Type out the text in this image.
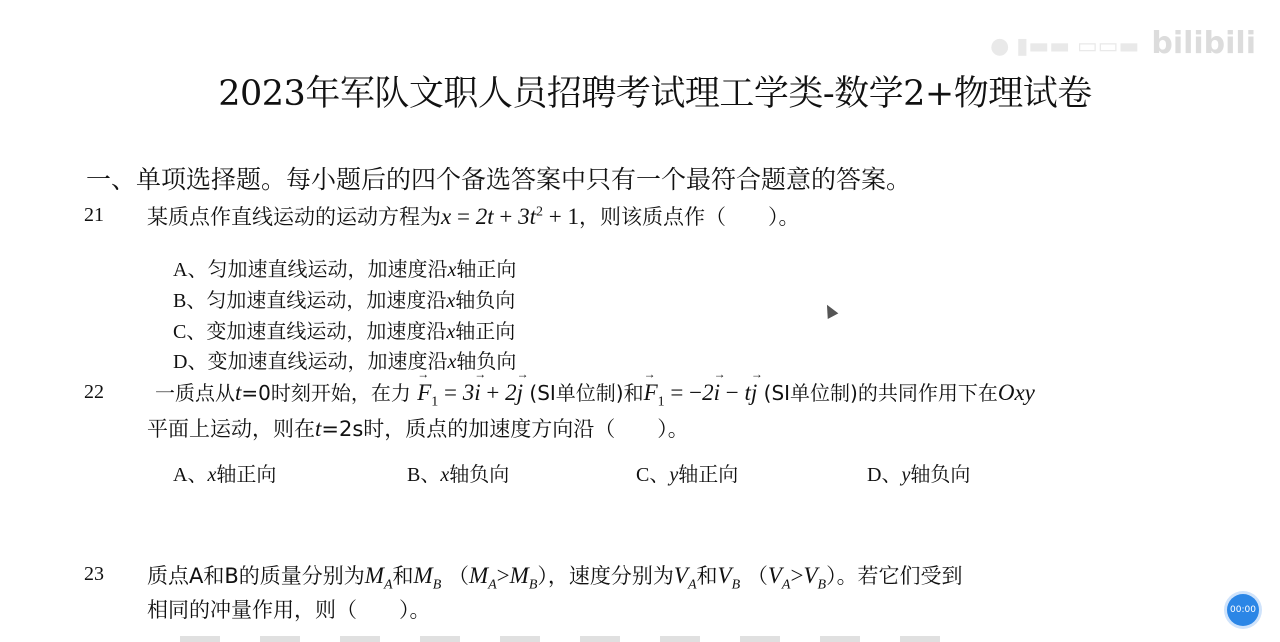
● ▮▬▬ ▭▭▬ bilibili
2023年军队文职人员招聘考试理工学类-数学2+物理试卷
一、单项选择题。每小题后的四个备选答案中只有一个最符合题意的答案。
21 某质点作直线运动的运动方程为$x = 2t + 3t^2 + 1$，则该质点作（　　）。
A、匀加速直线运动，加速度沿x轴正向
B、匀加速直线运动，加速度沿x轴负向
C、变加速直线运动，加速度沿x轴正向
D、变加速直线运动，加速度沿x轴负向
22	一质点从t=0时刻开始，在力 → $F_1 = 3\to i + 2\to j$ (SI单位制)和→ $F_1 = -2\to i - t\to j$ (SI单位制)的共同作用下在Oxy
平面上运动，则在t=2s时，质点的加速度方向沿（　　）。
A、x轴正向	B、x轴负向	C、y轴正向	D、y轴负向
23 质点A和B的质量分别为$M_A$和$M_B$ $(M_A>M_B)$，速度分别为$V_A$和$V_B$ $(V_A>V_B)$。若它们受到
相同的冲量作用，则（　　）。	00:00
